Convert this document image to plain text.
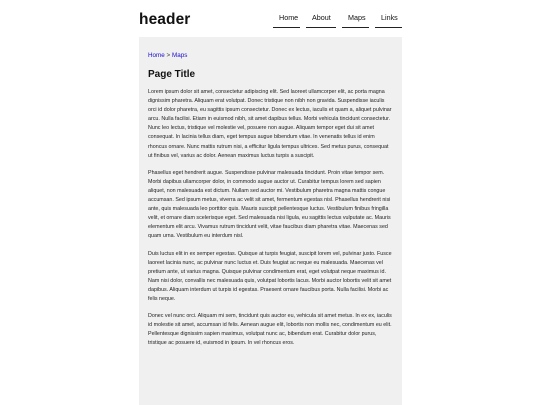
header	Home	About	Maps	Links

Home > Maps

Page Title

Lorem ipsum dolor sit amet, consectetur adipiscing elit. Sed laoreet ullamcorper elit, ac porta magna dignissim pharetra. Aliquam erat volutpat. Donec tristique non nibh non gravida. Suspendisse iaculis orci id dolor pharetra, eu sagittis ipsum consectetur. Donec ex lectus, iaculis et quam a, aliquet pulvinar arcu. Nulla facilisi. Etiam in euismod nibh, sit amet dapibus tellus. Morbi vehicula tincidunt consectetur. Nunc leo lectus, tristique vel molestie vel, posuere non augue. Aliquam tempor eget dui sit amet consequat. In lacinia tellus diam, eget tempus augue bibendum vitae. In venenatis tellus id enim rhoncus ornare. Nunc mattis rutrum nisi, a efficitur ligula tempus ultrices. Sed metus purus, consequat ut finibus vel, varius ac dolor. Aenean maximus luctus turpis a suscipit.

Phasellus eget hendrerit augue. Suspendisse pulvinar malesuada tincidunt. Proin vitae tempor sem. Morbi dapibus ullamcorper dolor, in commodo augue auctor ut. Curabitur tempus lorem sed sapien aliquet, non malesuada est dictum. Nullam sed auctor mi. Vestibulum pharetra magna mattis congue accumsan. Sed ipsum metus, viverra ac velit sit amet, fermentum egestas nisl. Phasellus hendrerit nisi ante, quis malesuada leo porttitor quis. Mauris suscipit pellentesque luctus. Vestibulum finibus fringilla velit, et ornare diam scelerisque eget. Sed malesuada nisi ligula, eu sagittis lectus vulputate ac. Mauris elementum elit arcu. Vivamus rutrum tincidunt velit, vitae faucibus diam pharetra vitae. Maecenas sed quam urna. Vestibulum eu interdum nisl.

Duis luctus elit in ex semper egestas. Quisque at turpis feugiat, suscipit lorem vel, pulvinar justo. Fusce laoreet lacinia nunc, ac pulvinar nunc luctus et. Duis feugiat ac neque eu malesuada. Maecenas vel pretium ante, ut varius magna. Quisque pulvinar condimentum erat, eget volutpat neque maximus id. Nam nisi dolor, convallis nec malesuada quis, volutpat lobortis lacus. Morbi auctor lobortis velit sit amet dapibus. Aliquam interdum ut turpis id egestas. Praesent ornare faucibus porta. Nulla facilisi. Morbi ac felis neque.

Donec vel nunc orci. Aliquam mi sem, tincidunt quis auctor eu, vehicula sit amet metus. In ex ex, iaculis id molestie sit amet, accumsan id felis. Aenean augue elit, lobortis non mollis nec, condimentum eu elit. Pellentesque dignissim sapien maximus, volutpat nunc ac, bibendum erat. Curabitur dolor purus, tristique ac posuere id, euismod in ipsum. In vel rhoncus eros.
